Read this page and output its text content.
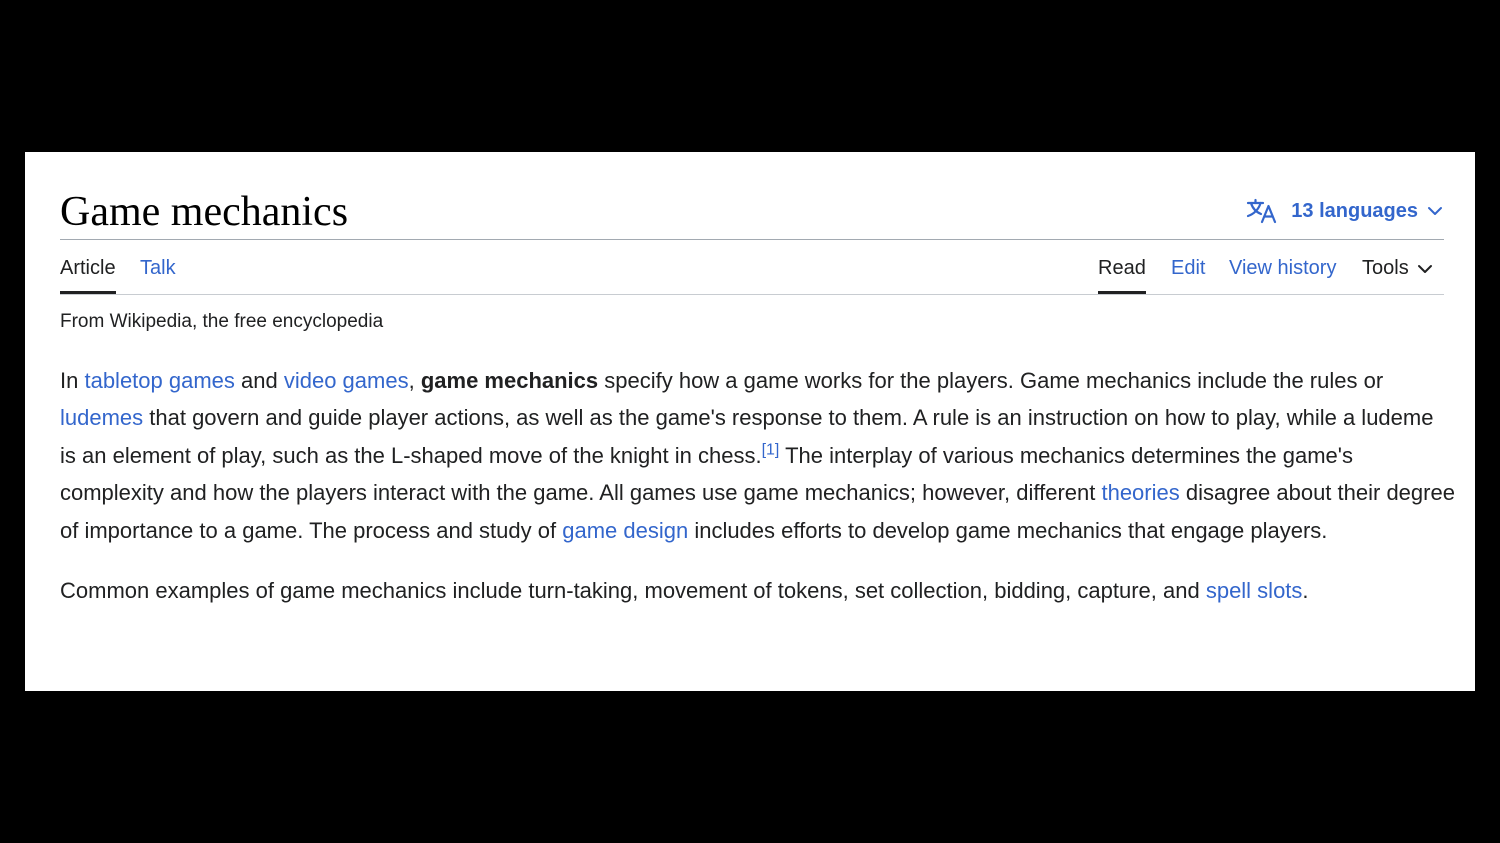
Game mechanics	13 languages
Article Talk	Read Edit View history Tools
From Wikipedia, the free encyclopedia

In tabletop games and video games, game mechanics specify how a game works for the players. Game mechanics include the rules or ludemes that govern and guide player actions, as well as the game's response to them. A rule is an instruction on how to play, while a ludeme is an element of play, such as the L-shaped move of the knight in chess.[1] The interplay of various mechanics determines the game's complexity and how the players interact with the game. All games use game mechanics; however, different theories disagree about their degree of importance to a game. The process and study of game design includes efforts to develop game mechanics that engage players.

Common examples of game mechanics include turn-taking, movement of tokens, set collection, bidding, capture, and spell slots.
